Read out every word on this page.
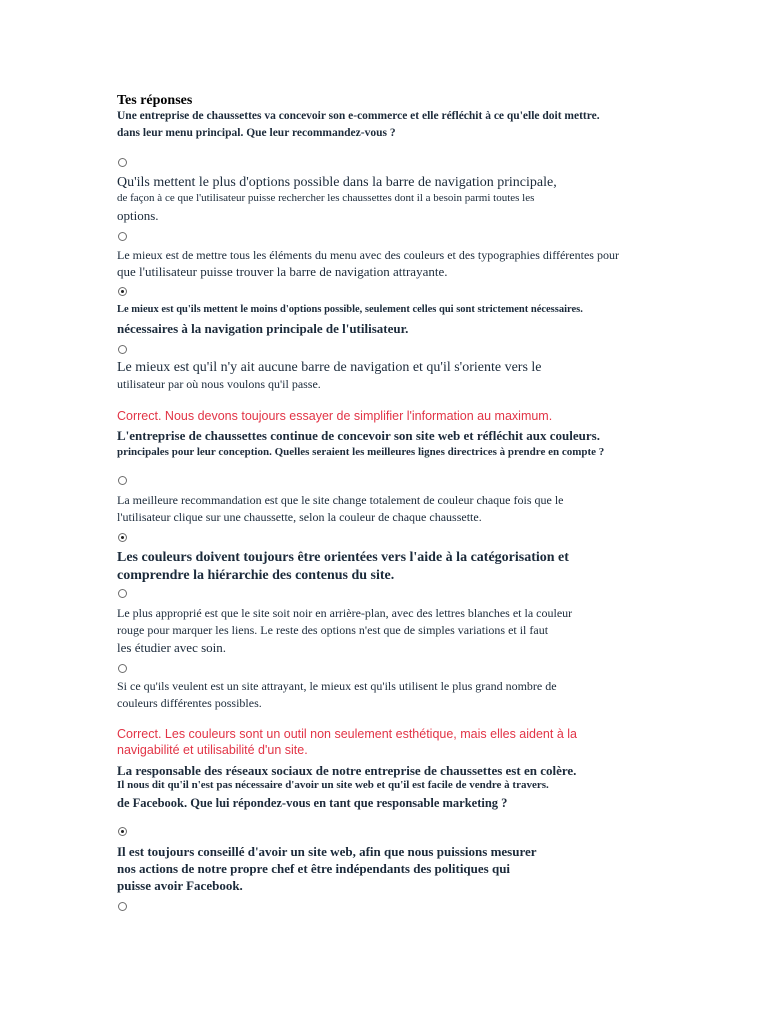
Tes réponses
Une entreprise de chaussettes va concevoir son e-commerce et elle réfléchit à ce qu'elle doit mettre.
dans leur menu principal. Que leur recommandez-vous ?
Qu'ils mettent le plus d'options possible dans la barre de navigation principale,
de façon à ce que l'utilisateur puisse rechercher les chaussettes dont il a besoin parmi toutes les
options.
Le mieux est de mettre tous les éléments du menu avec des couleurs et des typographies différentes pour
que l'utilisateur puisse trouver la barre de navigation attrayante.
Le mieux est qu'ils mettent le moins d'options possible, seulement celles qui sont strictement nécessaires.
nécessaires à la navigation principale de l'utilisateur.
Le mieux est qu'il n'y ait aucune barre de navigation et qu'il s'oriente vers le
utilisateur par où nous voulons qu'il passe.
Correct. Nous devons toujours essayer de simplifier l'information au maximum.
L'entreprise de chaussettes continue de concevoir son site web et réfléchit aux couleurs.
principales pour leur conception. Quelles seraient les meilleures lignes directrices à prendre en compte ?
La meilleure recommandation est que le site change totalement de couleur chaque fois que le
l'utilisateur clique sur une chaussette, selon la couleur de chaque chaussette.
Les couleurs doivent toujours être orientées vers l'aide à la catégorisation et
comprendre la hiérarchie des contenus du site.
Le plus approprié est que le site soit noir en arrière-plan, avec des lettres blanches et la couleur
rouge pour marquer les liens. Le reste des options n'est que de simples variations et il faut
les étudier avec soin.
Si ce qu'ils veulent est un site attrayant, le mieux est qu'ils utilisent le plus grand nombre de
couleurs différentes possibles.
Correct. Les couleurs sont un outil non seulement esthétique, mais elles aident à la
navigabilité et utilisabilité d'un site.
La responsable des réseaux sociaux de notre entreprise de chaussettes est en colère.
Il nous dit qu'il n'est pas nécessaire d'avoir un site web et qu'il est facile de vendre à travers.
de Facebook. Que lui répondez-vous en tant que responsable marketing ?
Il est toujours conseillé d'avoir un site web, afin que nous puissions mesurer
nos actions de notre propre chef et être indépendants des politiques qui
puisse avoir Facebook.
